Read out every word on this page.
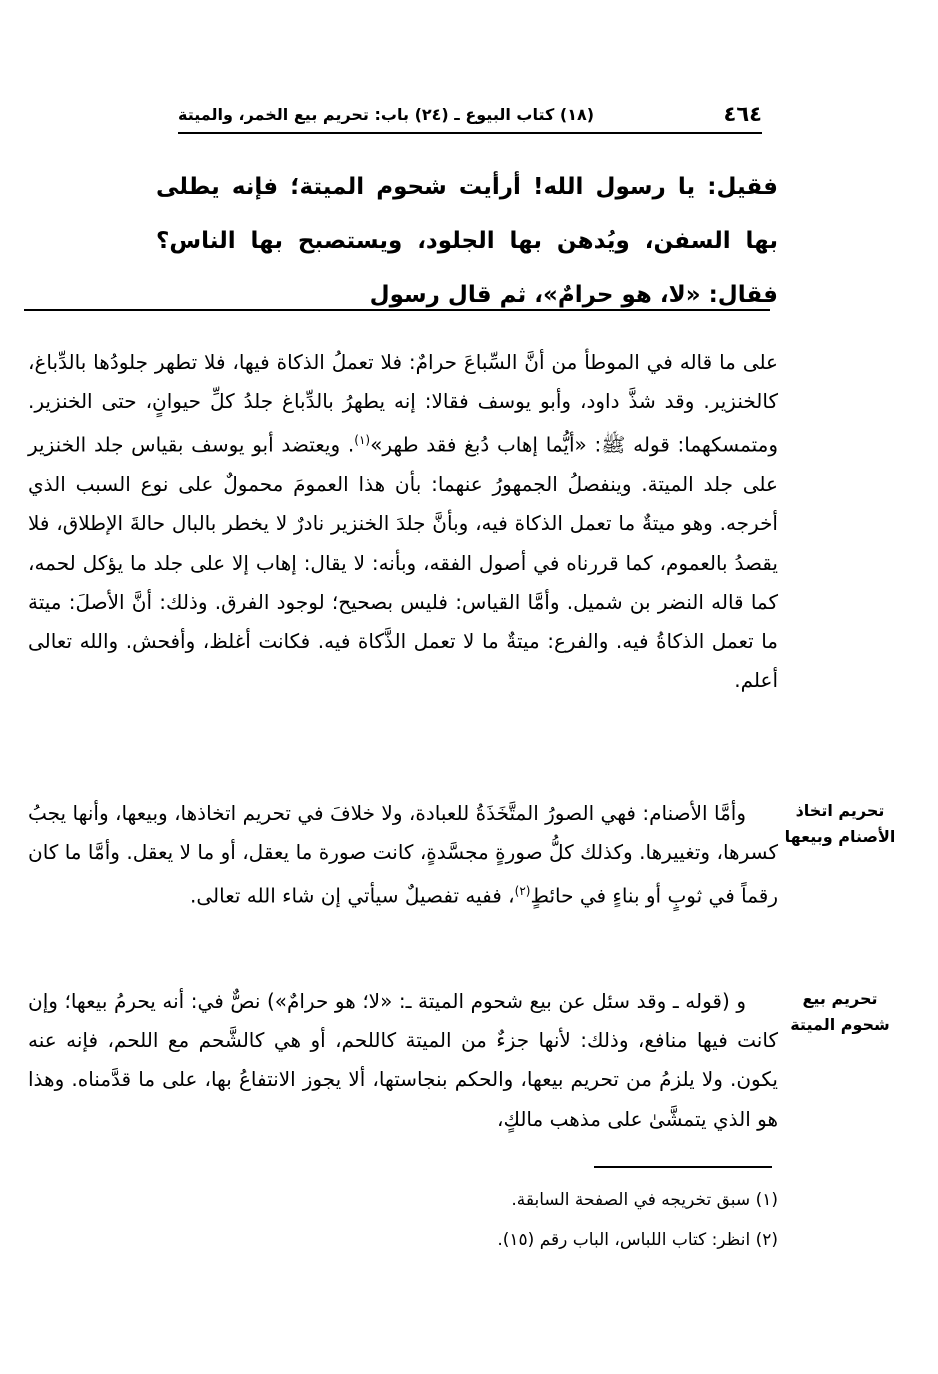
٤٦٤
(١٨) كتاب البيوع ـ (٢٤) باب: تحريم بيع الخمر، والميتة
فقيل: يا رسول الله! أرأيت شحوم الميتة؛ فإنه يطلى بها السفن، ويُدهن بها الجلود، ويستصبح بها الناس؟ فقال: «لا، هو حرامٌ»، ثم قال رسول

على ما قاله في الموطأ من أنَّ السِّباعَ حرامٌ: فلا تعملُ الذكاة فيها، فلا تطهر جلودُها بالدِّباغ، كالخنزير. وقد شذَّ داود، وأبو يوسف فقالا: إنه يطهرُ بالدِّباغ جلدُ كلِّ حيوانٍ، حتى الخنزير. ومتمسكهما: قوله ﷺ: «أيُّما إهاب دُبغ فقد طهر»$^{(١)}$. ويعتضد أبو يوسف بقياس جلد الخنزير على جلد الميتة. وينفصلُ الجمهورُ عنهما: بأن هذا العمومَ محمولٌ على نوع السبب الذي أخرجه. وهو ميتةٌ ما تعمل الذكاة فيه، وبأنَّ جلدَ الخنزير نادرٌ لا يخطر بالبال حالةَ الإطلاق، فلا يقصدُ بالعموم، كما قررناه في أصول الفقه، وبأنه: لا يقال: إهاب إلا على جلد ما يؤكل لحمه، كما قاله النضر بن شميل. وأمَّا القياس: فليس بصحيح؛ لوجود الفرق. وذلك: أنَّ الأصلَ: ميتة ما تعمل الذكاةُ فيه. والفرع: ميتةٌ ما لا تعمل الذَّكاة فيه. فكانت أغلظ، وأفحش. والله تعالى أعلم.

تحريم اتخاذ
الأصنام وبيعها

وأمَّا الأصنام: فهي الصورُ المتَّخَذَةُ للعبادة، ولا خلافَ في تحريم اتخاذها، وبيعها، وأنها يجبُ كسرها، وتغييرها. وكذلك كلُّ صورةٍ مجسَّدةٍ، كانت صورة ما يعقل، أو ما لا يعقل. وأمَّا ما كان رقماً في ثوبٍ أو بناءٍ في حائطٍ$^{(٢)}$، ففيه تفصيلٌ سيأتي إن شاء الله تعالى.

تحريم بيع
شحوم الميتة

و (قوله ـ وقد سئل عن بيع شحوم الميتة ـ: «لا؛ هو حرامٌ») نصٌّ في: أنه يحرمُ بيعها؛ وإن كانت فيها منافع، وذلك: لأنها جزءٌ من الميتة كاللحم، أو هي كالشَّحم مع اللحم، فإنه عنه يكون. ولا يلزمُ من تحريم بيعها، والحكم بنجاستها، ألا يجوز الانتفاعُ بها، على ما قدَّمناه. وهذا هو الذي يتمشَّىٰ على مذهب مالكٍ،

(١) سبق تخريجه في الصفحة السابقة.
(٢) انظر: كتاب اللباس، الباب رقم (١٥).
